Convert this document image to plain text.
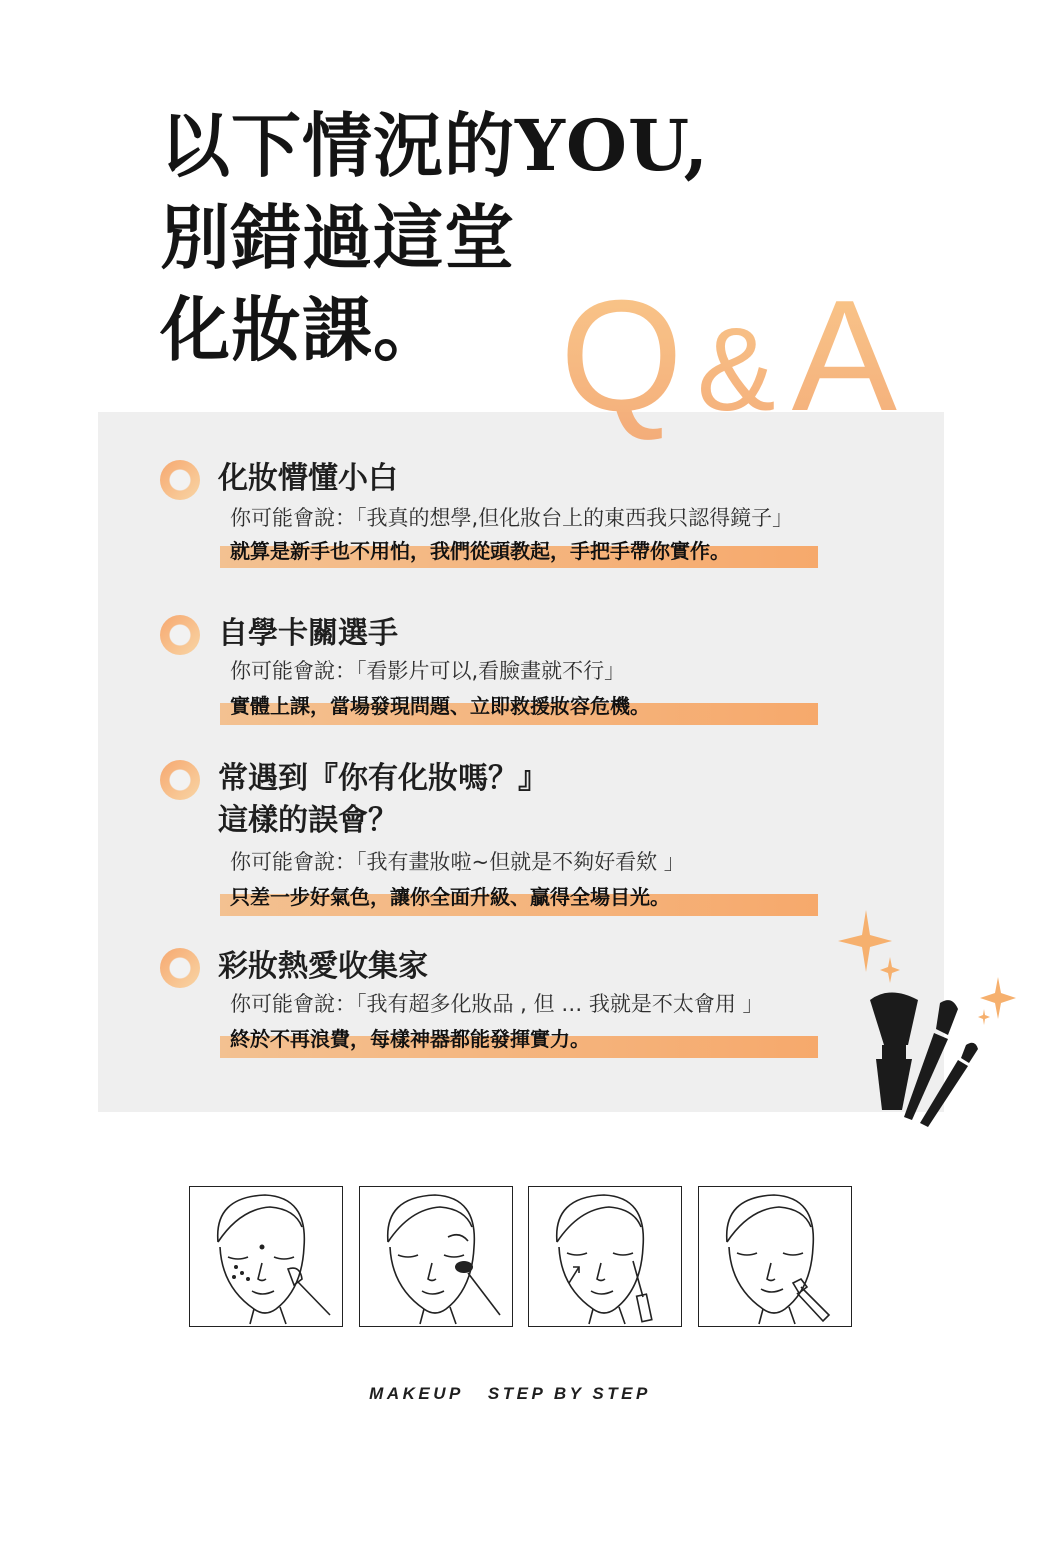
以下情況的YOU,
別錯過這堂
化妝課。 Q&A
化妝懵懂小白
你可能會說：「我真的想學,但化妝台上的東西我只認得鏡子」
就算是新手也不用怕，我們從頭教起，手把手帶你實作。
自學卡關選手
你可能會說：「看影片可以,看臉畫就不行」
實體上課，當場發現問題、立即救援妝容危機。
常遇到『你有化妝嗎？』
這樣的誤會？
你可能會說：「我有畫妝啦~但就是不夠好看欸 」
只差一步好氣色，讓你全面升級、贏得全場目光。
彩妝熱愛收集家
你可能會說：「我有超多化妝品 , 但 … 我就是不太會用 」
終於不再浪費，每樣神器都能發揮實力。
MAKEUP   STEP BY STEP
